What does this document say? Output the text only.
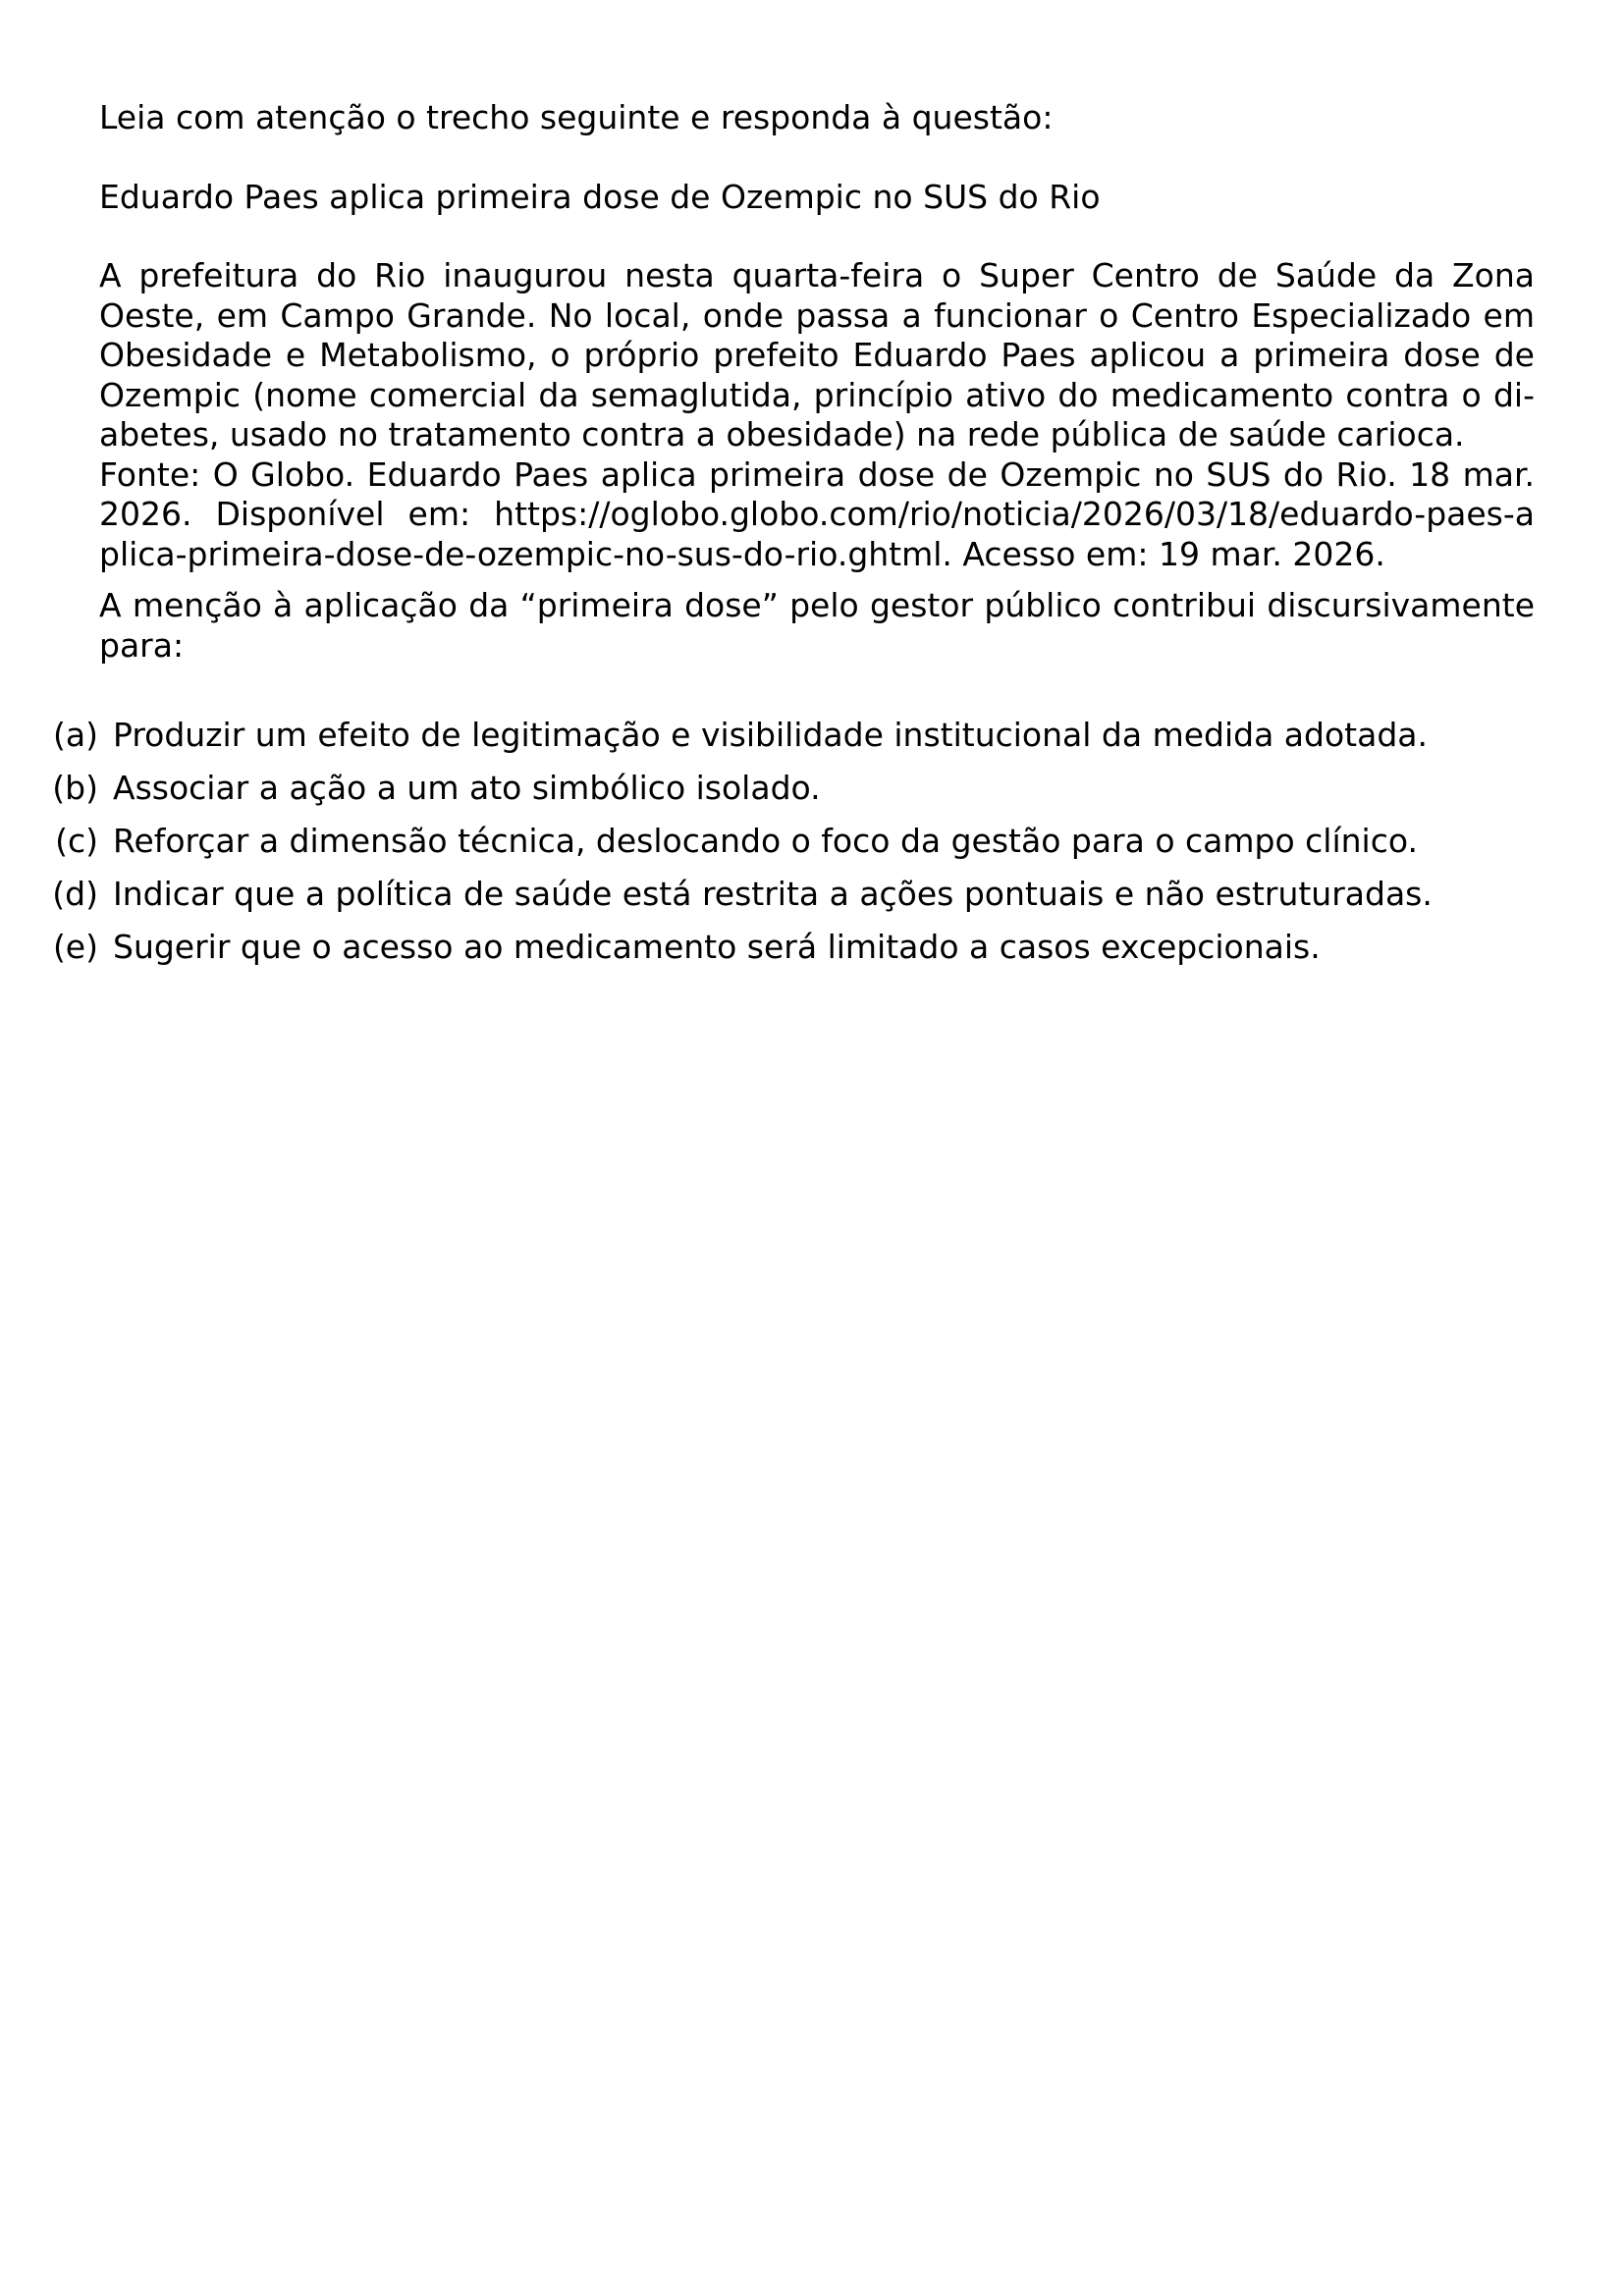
Leia com atenção o trecho seguinte e responda à questão:
Eduardo Paes aplica primeira dose de Ozempic no SUS do Rio
A prefeitura do Rio inaugurou nesta quarta-feira o Super Centro de Saúde da Zona
Oeste, em Campo Grande. No local, onde passa a funcionar o Centro Especializado em
Obesidade e Metabolismo, o próprio prefeito Eduardo Paes aplicou a primeira dose de
Ozempic (nome comercial da semaglutida, princípio ativo do medicamento contra o di-
abetes, usado no tratamento contra a obesidade) na rede pública de saúde carioca.
Fonte: O Globo. Eduardo Paes aplica primeira dose de Ozempic no SUS do Rio. 18 mar.
2026. Disponível em: https://oglobo.globo.com/rio/noticia/2026/03/18/eduardo-paes-a
plica-primeira-dose-de-ozempic-no-sus-do-rio.ghtml. Acesso em: 19 mar. 2026.
A menção à aplicação da “primeira dose” pelo gestor público contribui discursivamente
para:
(a) Produzir um efeito de legitimação e visibilidade institucional da medida adotada.
(b) Associar a ação a um ato simbólico isolado.
(c) Reforçar a dimensão técnica, deslocando o foco da gestão para o campo clínico.
(d) Indicar que a política de saúde está restrita a ações pontuais e não estruturadas.
(e) Sugerir que o acesso ao medicamento será limitado a casos excepcionais.
